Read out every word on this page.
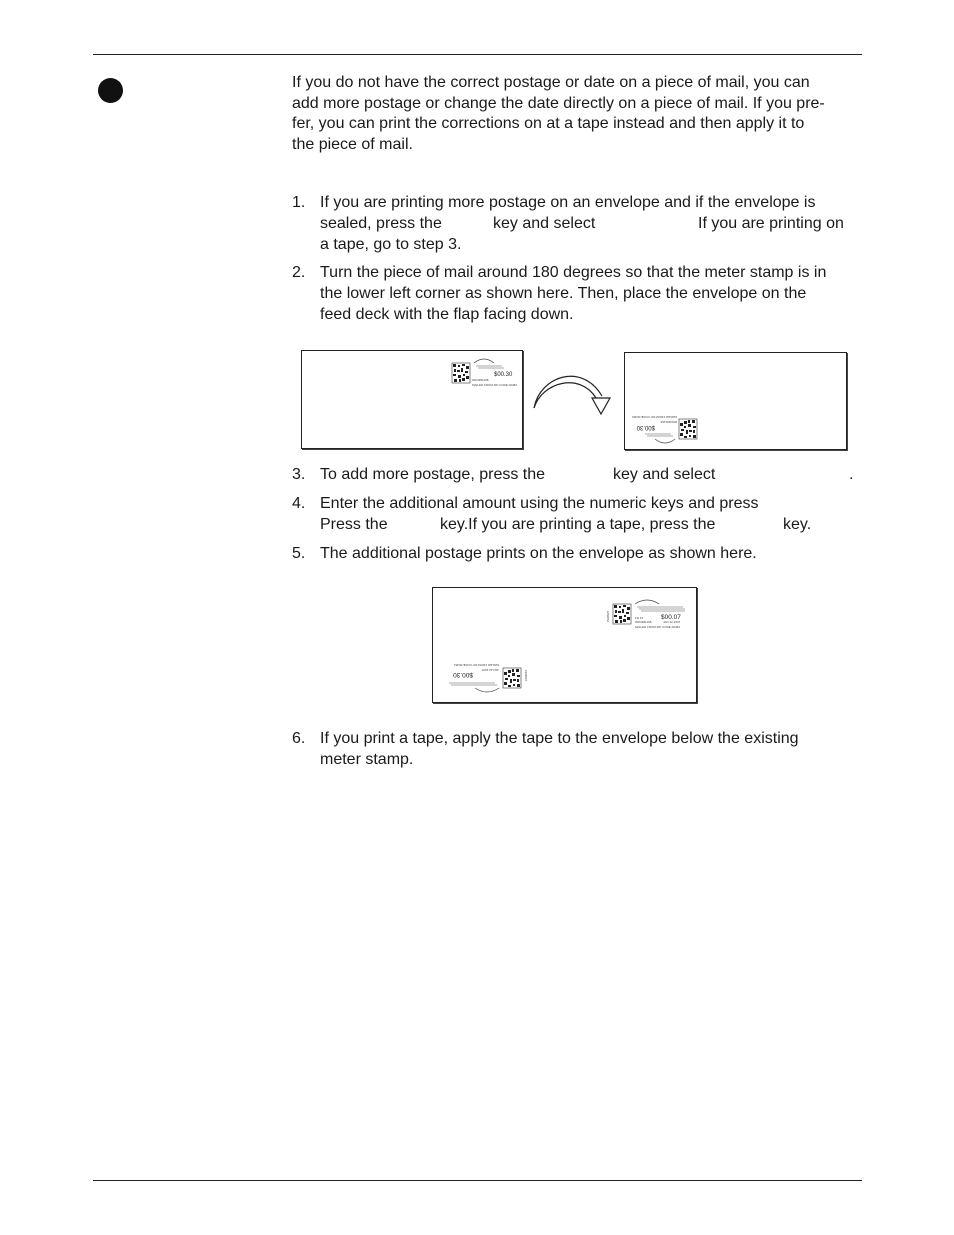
If you do not have the correct postage or date on a piece of mail, you can
add more postage or change the date directly on a piece of mail. If you pre-
fer, you can print the corrections on at a tape instead and then apply it to
the piece of mail.
1. If you are printing more postage on an envelope and if the envelope is
sealed, press the	key and select	If you are printing on
a tape, go to step 3.
2. Turn the piece of mail around 180 degrees so that the meter stamp is in
the lower left corner as shown here. Then, place the envelope on the
feed deck with the flap facing down.
$00.30
0004381168
MAILED FROM ZIP CODE 06484
$00.30
0004381168
MAILED FROM ZIP CODE 06484
3. To add more postage, press the	key and select	.
4. Enter the additional amount using the numeric keys and press
Press the	key.If you are printing a tape, press the	key.
5. The additional postage prints on the envelope as shown here.
PERMIT	$00.07
FR 15
0004381168	JAN 22 2007
MAILED FROM ZIP CODE 06484
PERMIT
$00.30
JAN 22 2007
MAILED FROM ZIP CODE 06484
6. If you print a tape, apply the tape to the envelope below the existing
meter stamp.
